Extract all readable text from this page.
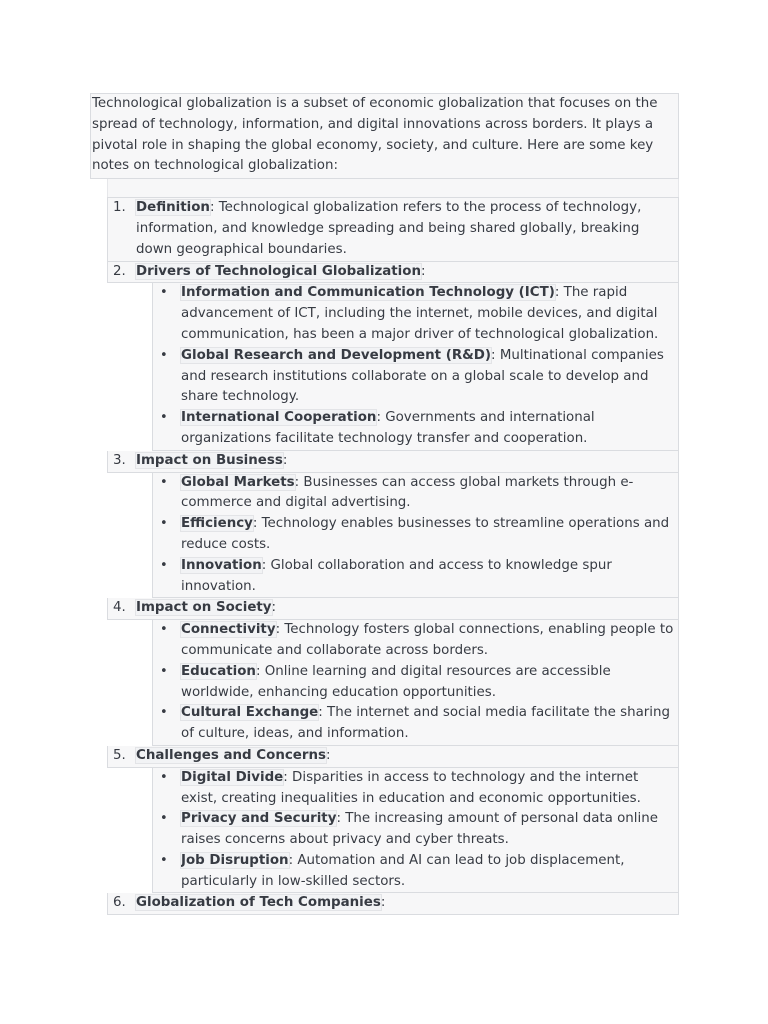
Technological globalization is a subset of economic globalization that focuses on the spread of technology, information, and digital innovations across borders. It plays a pivotal role in shaping the global economy, society, and culture. Here are some key notes on technological globalization:

1. Definition: Technological globalization refers to the process of technology, information, and knowledge spreading and being shared globally, breaking down geographical boundaries.
2. Drivers of Technological Globalization:
• Information and Communication Technology (ICT): The rapid advancement of ICT, including the internet, mobile devices, and digital communication, has been a major driver of technological globalization.
• Global Research and Development (R&D): Multinational companies and research institutions collaborate on a global scale to develop and share technology.
• International Cooperation: Governments and international organizations facilitate technology transfer and cooperation.
3. Impact on Business:
• Global Markets: Businesses can access global markets through e-commerce and digital advertising.
• Efficiency: Technology enables businesses to streamline operations and reduce costs.
• Innovation: Global collaboration and access to knowledge spur innovation.
4. Impact on Society:
• Connectivity: Technology fosters global connections, enabling people to communicate and collaborate across borders.
• Education: Online learning and digital resources are accessible worldwide, enhancing education opportunities.
• Cultural Exchange: The internet and social media facilitate the sharing of culture, ideas, and information.
5. Challenges and Concerns:
• Digital Divide: Disparities in access to technology and the internet exist, creating inequalities in education and economic opportunities.
• Privacy and Security: The increasing amount of personal data online raises concerns about privacy and cyber threats.
• Job Disruption: Automation and AI can lead to job displacement, particularly in low-skilled sectors.
6. Globalization of Tech Companies:
